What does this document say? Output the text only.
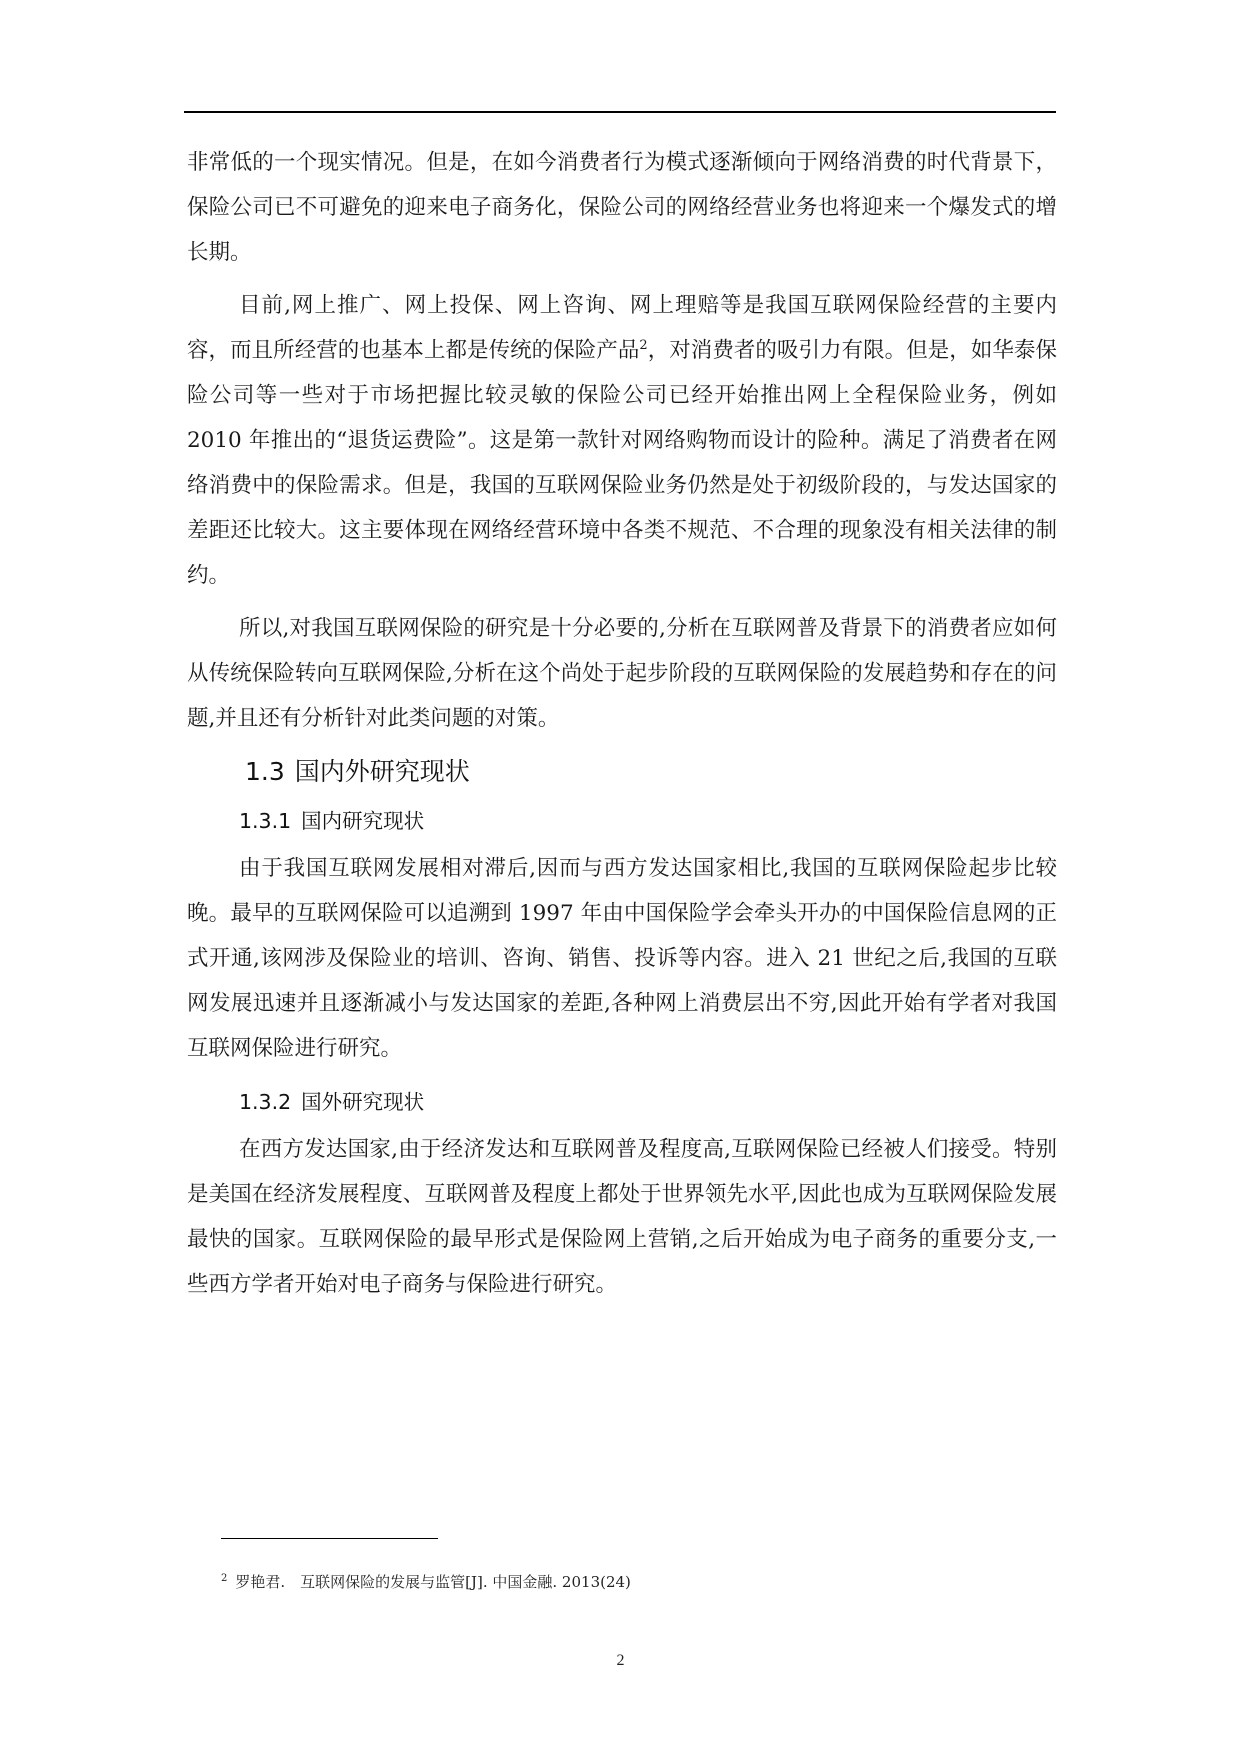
非常低的一个现实情况。但是，在如今消费者行为模式逐渐倾向于网络消费的时代背景下，保险公司已不可避免的迎来电子商务化，保险公司的网络经营业务也将迎来一个爆发式的增长期。

目前,网上推广、网上投保、网上咨询、网上理赔等是我国互联网保险经营的主要内容，而且所经营的也基本上都是传统的保险产品$^2$，对消费者的吸引力有限。但是，如华泰保险公司等一些对于市场把握比较灵敏的保险公司已经开始推出网上全程保险业务，例如 2010 年推出的“退货运费险”。这是第一款针对网络购物而设计的险种。满足了消费者在网络消费中的保险需求。但是，我国的互联网保险业务仍然是处于初级阶段的，与发达国家的差距还比较大。这主要体现在网络经营环境中各类不规范、不合理的现象没有相关法律的制约。

所以,对我国互联网保险的研究是十分必要的,分析在互联网普及背景下的消费者应如何从传统保险转向互联网保险,分析在这个尚处于起步阶段的互联网保险的发展趋势和存在的问题,并且还有分析针对此类问题的对策。

1.3 国内外研究现状
1.3.1 国内研究现状

由于我国互联网发展相对滞后,因而与西方发达国家相比,我国的互联网保险起步比较晚。最早的互联网保险可以追溯到 1997 年由中国保险学会牵头开办的中国保险信息网的正式开通,该网涉及保险业的培训、咨询、销售、投诉等内容。进入 21 世纪之后,我国的互联网发展迅速并且逐渐减小与发达国家的差距,各种网上消费层出不穷,因此开始有学者对我国互联网保险进行研究。

1.3.2 国外研究现状

在西方发达国家,由于经济发达和互联网普及程度高,互联网保险已经被人们接受。特别是美国在经济发展程度、互联网普及程度上都处于世界领先水平,因此也成为互联网保险发展最快的国家。互联网保险的最早形式是保险网上营销,之后开始成为电子商务的重要分支,一些西方学者开始对电子商务与保险进行研究。

$^2$ 罗艳君.　互联网保险的发展与监管[J]. 中国金融. 2013(24)
2
